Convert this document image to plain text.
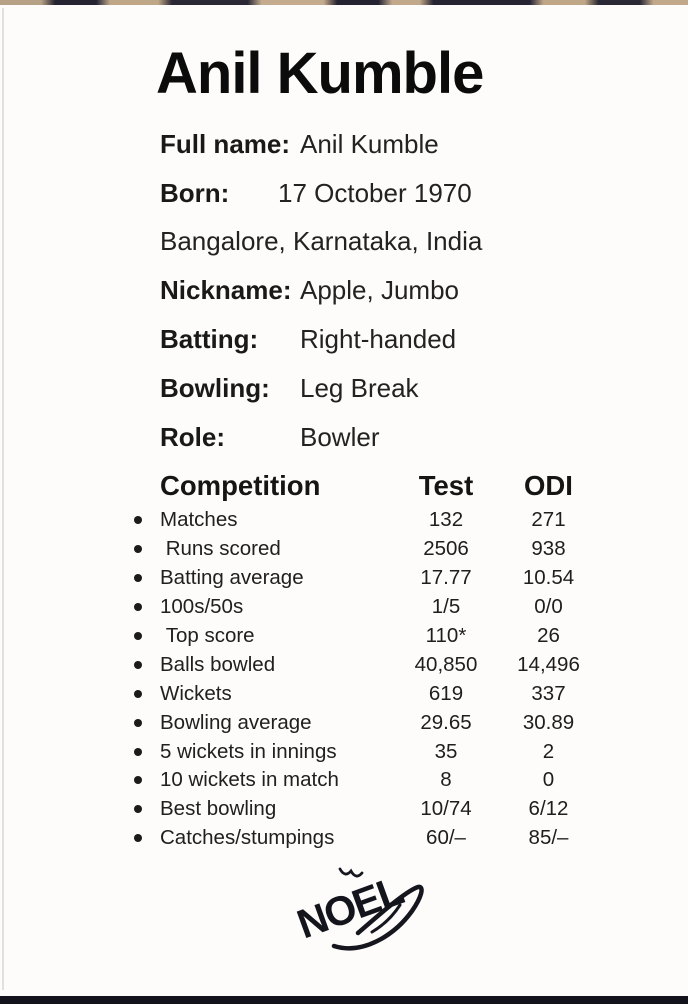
Anil Kumble
Full name: Anil Kumble
Born:	17 October 1970
Bangalore, Karnataka, India
Nickname: Apple, Jumbo
Batting:	Right-handed
Bowling:	Leg Break
Role:	Bowler
Competition	Test	ODI
Matches	132	271
Runs scored	2506	938
Batting average	17.77	10.54
100s/50s	1/5	0/0
Top score	110*	26
Balls bowled	40,850	14,496
Wickets	619	337
Bowling average	29.65	30.89
5 wickets in innings	35	2
10 wickets in match	8	0
Best bowling	10/74	6/12
Catches/stumpings	60/–	85/–
NOEL
